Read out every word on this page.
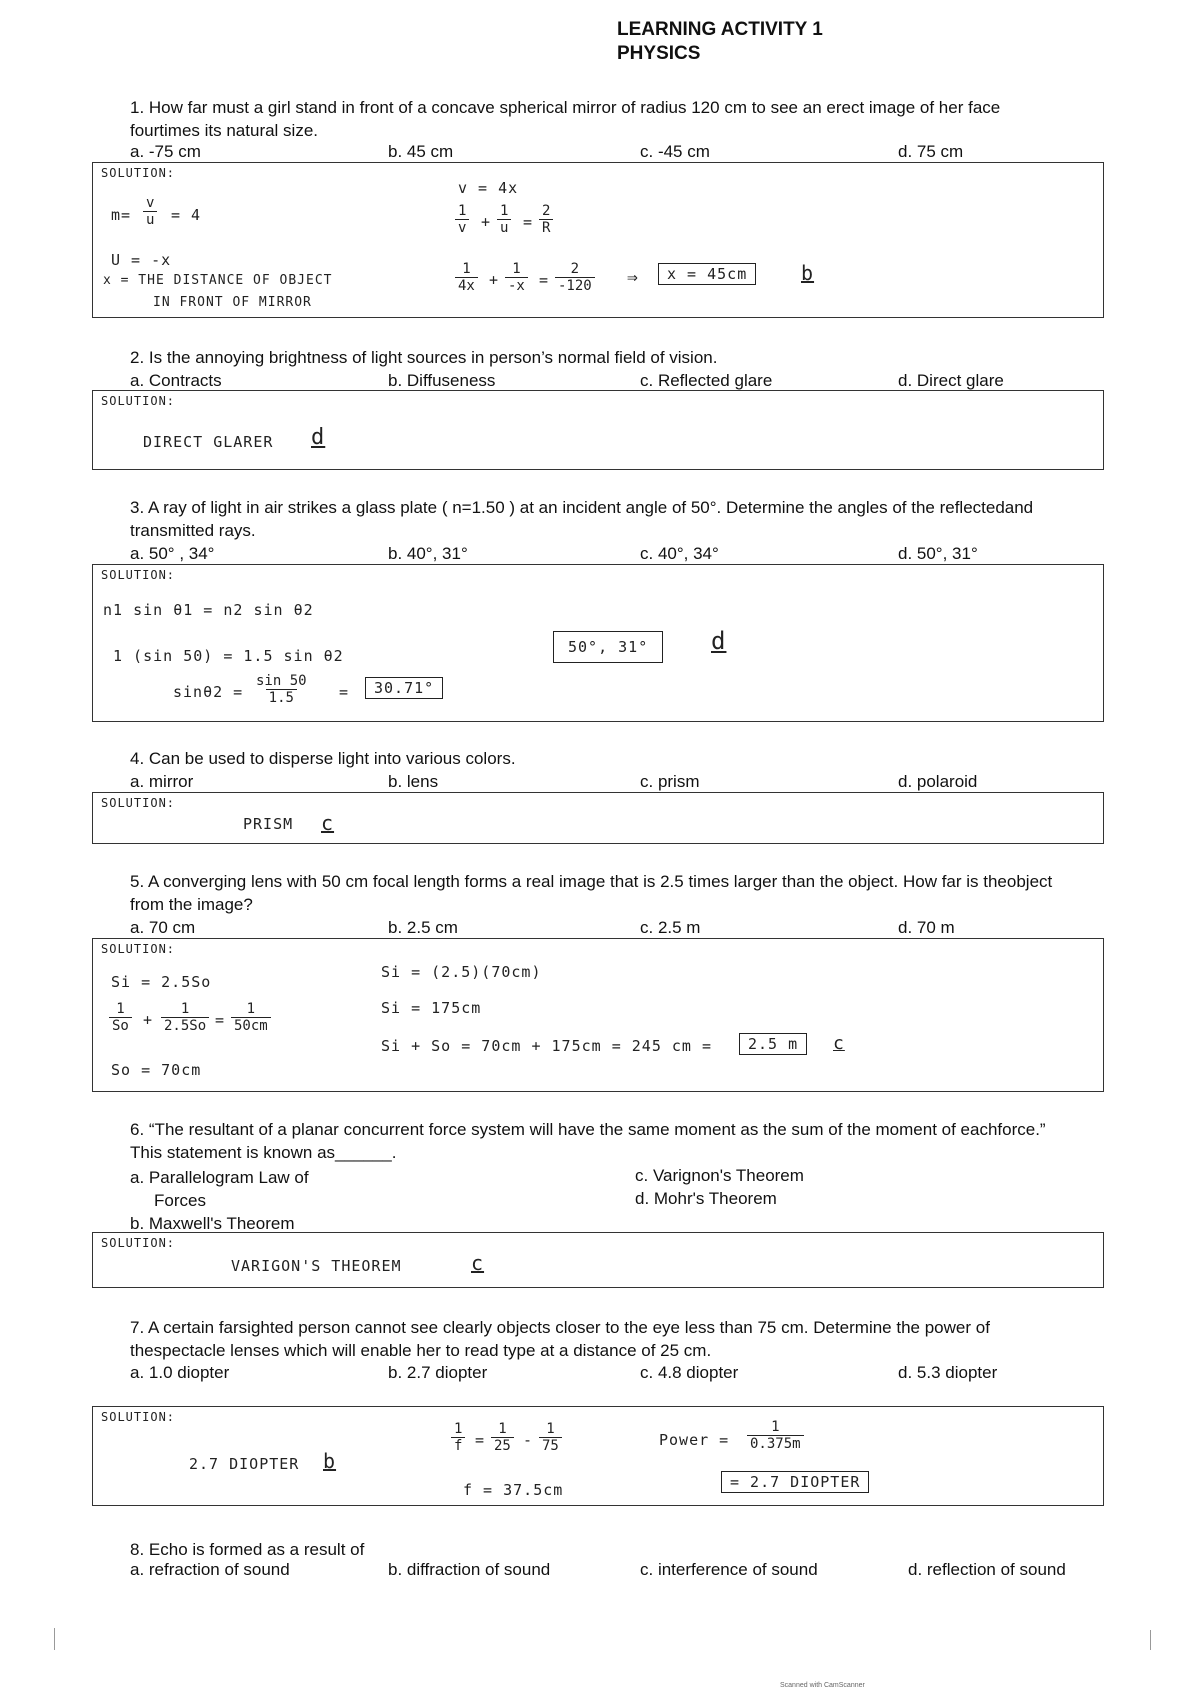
LEARNING ACTIVITY 1
PHYSICS
1. How far must a girl stand in front of a concave spherical mirror of radius 120 cm to see an erect image of her face fourtimes its natural size.
a. -75 cm	b. 45 cm	c. -45 cm	d. 75 cm
SOLUTION:
$m= \frac{v}{u} = 4$
U = -x
x = THE DISTANCE OF OBJECT
IN FRONT OF MIRROR
v = 4x
$\frac{1}{v} + \frac{1}{u} = \frac{2}{R}$
$\frac{1}{4x} + \frac{1}{-x} = \frac{2}{-120}$ ⇒	x = 45cm	b
2. Is the annoying brightness of light sources in person’s normal field of vision.
a. Contracts	b. Diffuseness	c. Reflected glare	d. Direct glare
SOLUTION:
DIRECT GLARER d
3. A ray of light in air strikes a glass plate ( n=1.50 ) at an incident angle of 50°. Determine the angles of the reflectedand transmitted rays.
a. 50° , 34°	b. 40°, 31°	c. 40°, 34°	d. 50°, 31°
SOLUTION:
n1 sin θ1 = n2 sin θ2
1 (sin 50) = 1.5 sin θ2
$\sin\theta 2 = \frac{\sin 50}{1.5}$ =	30.71°
50°, 31°	d
4. Can be used to disperse light into various colors.
a. mirror	b. lens	c. prism	d. polaroid
SOLUTION:
PRISM c
5. A converging lens with 50 cm focal length forms a real image that is 2.5 times larger than the object. How far is theobject from the image?
a. 70 cm	b. 2.5 cm	c. 2.5 m	d. 70 m
SOLUTION:
Si = 2.5So
$\frac{1}{So} + \frac{1}{2.5So} = \frac{1}{50cm}$
So = 70cm
Si = (2.5)(70cm)
Si = 175cm
Si + So = 70cm + 175cm = 245 cm =	2.5 m	c
6. “The resultant of a planar concurrent force system will have the same moment as the sum of the moment of eachforce.” This statement is known as______.
a. Parallelogram Law of
Forces
b. Maxwell's Theorem
c. Varignon's Theorem
d. Mohr's Theorem
SOLUTION:
VARIGON'S THEOREM	c
7. A certain farsighted person cannot see clearly objects closer to the eye less than 75 cm. Determine the power of thespectacle lenses which will enable her to read type at a distance of 25 cm.
a. 1.0 diopter	b. 2.7 diopter	c. 4.8 diopter	d. 5.3 diopter
SOLUTION:
2.7 DIOPTER b
$\frac{1}{f} = \frac{1}{25} - \frac{1}{75}$
f = 37.5cm
Power = $\frac{1}{0.375m}$
= 2.7 DIOPTER
8. Echo is formed as a result of
a. refraction of sound	b. diffraction of sound	c. interference of sound	d. reflection of sound
Scanned with CamScanner
